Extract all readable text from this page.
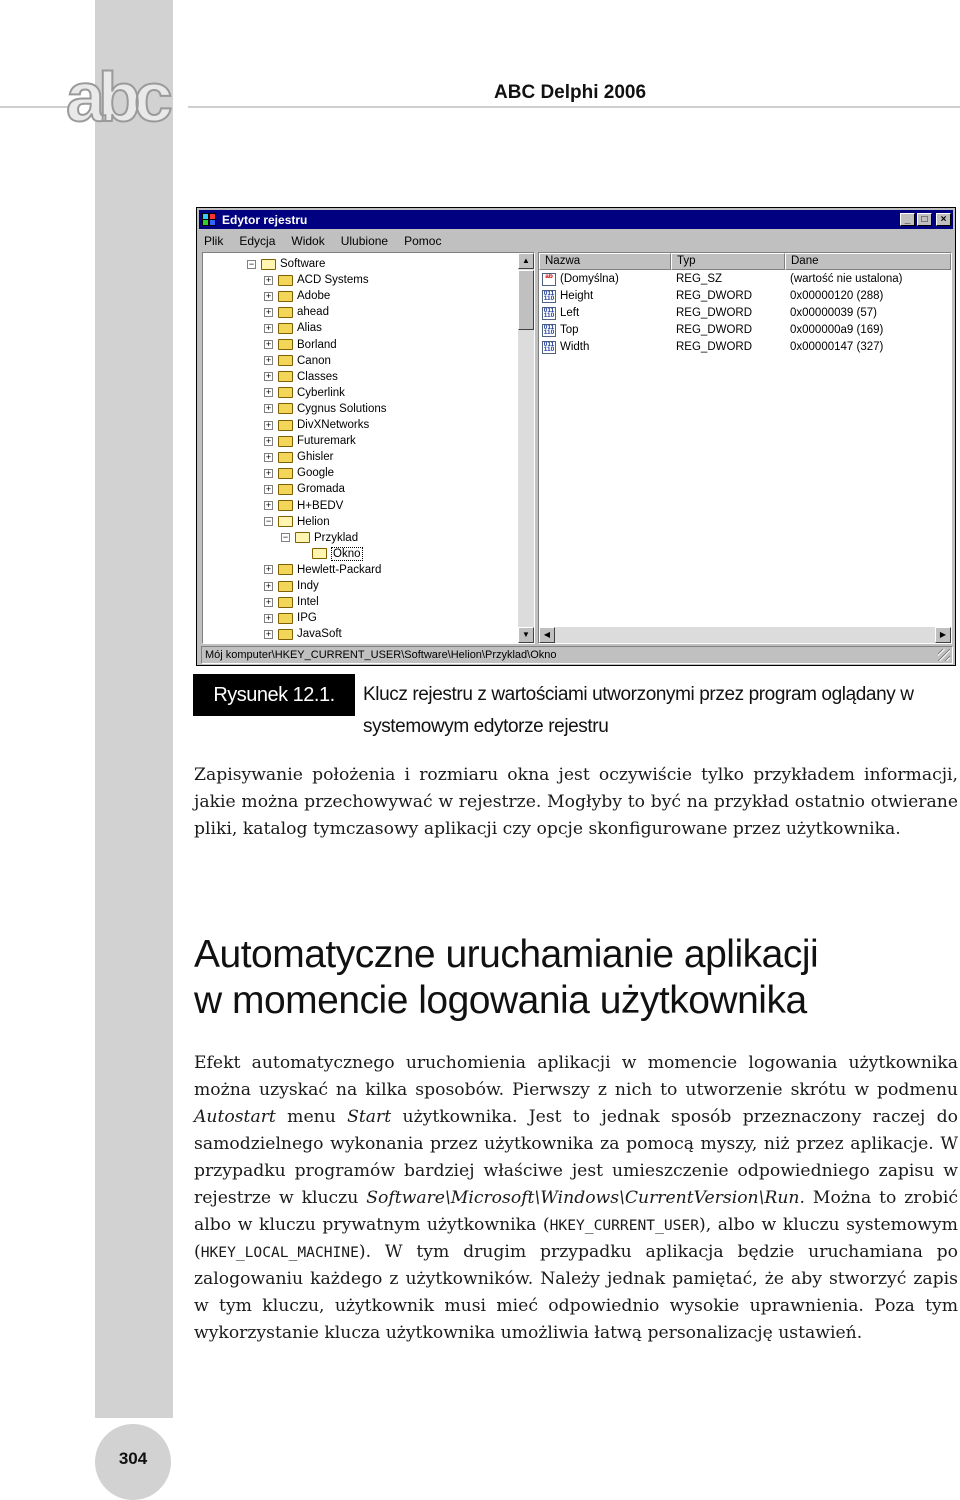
304
abc	ABC Delphi 2006
Edytor rejestru	_	□	×
Plik Edycja Widok Ulubione Pomoc
− Software
+ ACD Systems
+ Adobe
+ ahead
+ Alias
+ Borland
+ Canon
+ Classes
+ Cyberlink
+ Cygnus Solutions
+ DivXNetworks
+ Futuremark
+ Ghisler
+ Google
+ Gromada
+ H+BEDV
− Helion
− Przyklad
Okno
+ Hewlett-Packard
+ Indy
+ Intel
+ IPG
+ JavaSoft
▲
▼
Nazwa	Typ	Dane
ab (Domyślna)	REG_SZ	(wartość nie ustalona)
011 110 Height	REG_DWORD	0x00000120 (288)
011 110 Left	REG_DWORD	0x00000039 (57)
011 110 Top	REG_DWORD	0x000000a9 (169)
011 110 Width	REG_DWORD	0x00000147 (327)
◀	▶
Mój komputer\HKEY_CURRENT_USER\Software\Helion\Przyklad\Okno
Rysunek 12.1.	Klucz rejestru z wartościami utworzonymi przez program oglądany w systemowym edytorze rejestru

Zapisywanie położenia i rozmiaru okna jest oczywiście tylko przykładem informacji, jakie można przechowywać w rejestrze. Mogłyby to być na przykład ostatnio otwierane pliki, katalog tymczasowy aplikacji czy opcje skonfigurowane przez użytkownika.

Automatyczne uruchamianie aplikacji
w momencie logowania użytkownika

Efekt automatycznego uruchomienia aplikacji w momencie logowania użytkownika można uzyskać na kilka sposobów. Pierwszy z nich to utworzenie skrótu w podmenu Autostart menu Start użytkownika. Jest to jednak sposób przeznaczony raczej do samodzielnego wykonania przez użytkownika za pomocą myszy, niż przez aplikacje. W przypadku programów bardziej właściwe jest umieszczenie odpowiedniego zapisu w rejestrze w kluczu Software\Microsoft\Windows\CurrentVersion\Run. Można to zrobić albo w kluczu prywatnym użytkownika (HKEY_CURRENT_USER), albo w kluczu systemowym (HKEY_LOCAL_MACHINE). W tym drugim przypadku aplikacja będzie uruchamiana po zalogowaniu każdego z użytkowników. Należy jednak pamiętać, że aby stworzyć zapis w tym kluczu, użytkownik musi mieć odpowiednio wysokie uprawnienia. Poza tym wykorzystanie klucza użytkownika umożliwia łatwą personalizację ustawień.
